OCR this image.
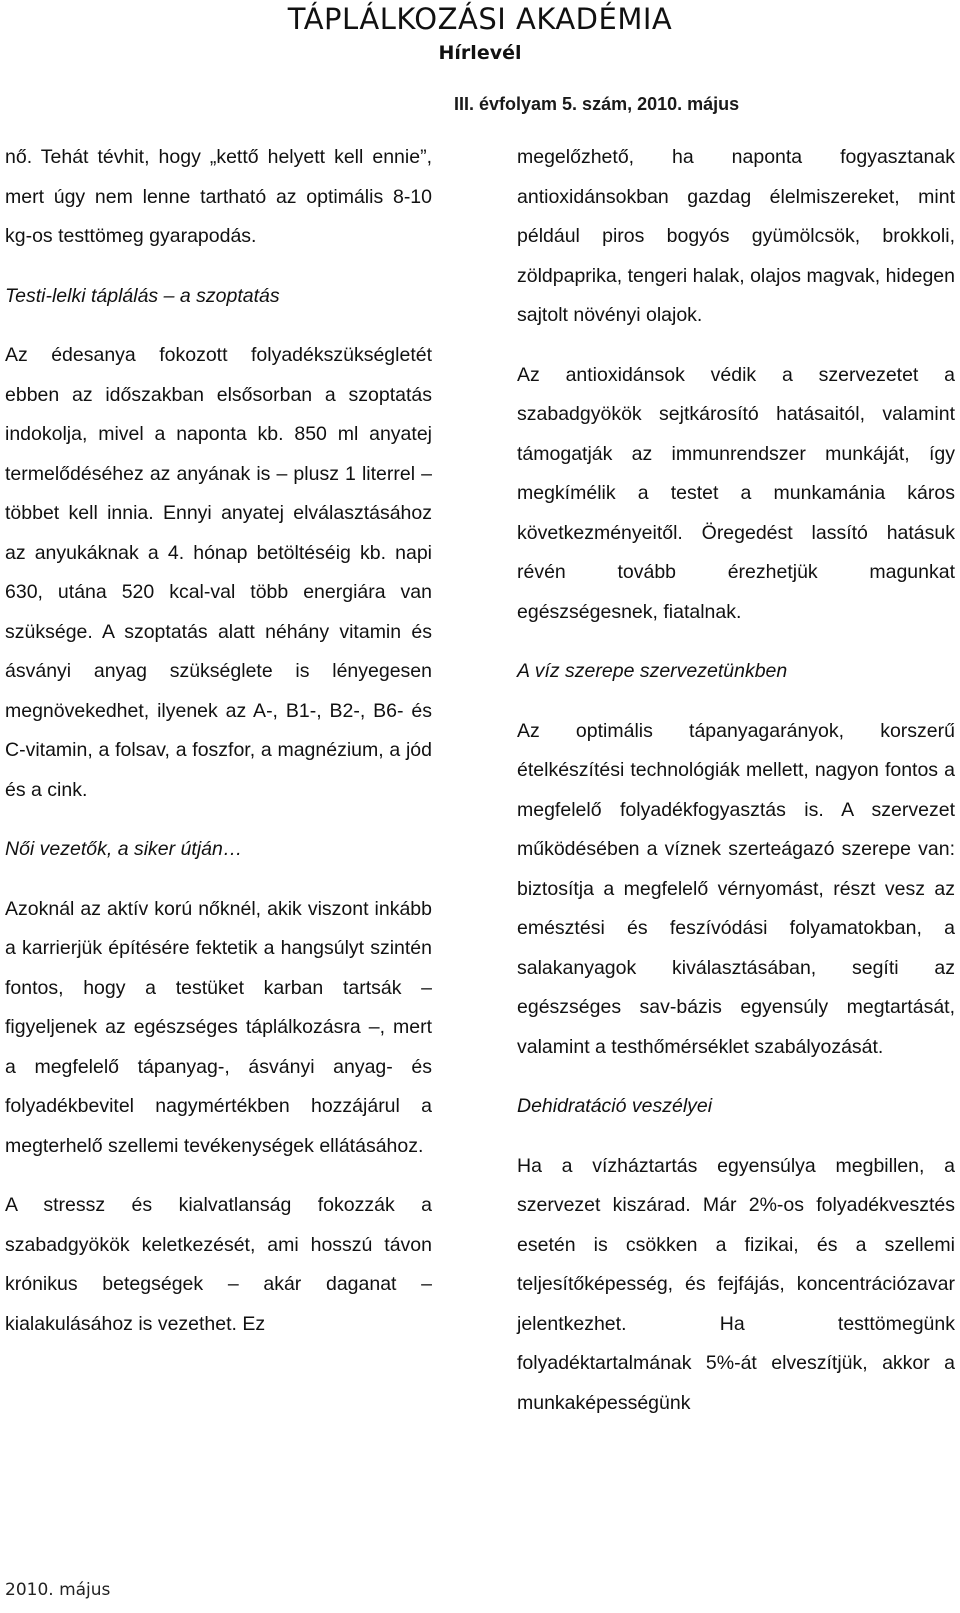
TÁPLÁLKOZÁSI AKADÉMIA
Hírlevél
III. évfolyam 5. szám, 2010. május

nő. Tehát tévhit, hogy „kettő helyett kell ennie”, mert úgy nem lenne tartható az optimális 8-10 kg-os testtömeg gyarapodás.

Testi-lelki táplálás – a szoptatás

Az édesanya fokozott folyadékszükségletét ebben az időszakban elsősorban a szoptatás indokolja, mivel a naponta kb. 850 ml anyatej termelődéséhez az anyának is – plusz 1 literrel – többet kell innia. Ennyi anyatej elválasztásához az anyukáknak a 4. hónap betöltéséig kb. napi 630, utána 520 kcal-val több energiára van szüksége. A szoptatás alatt néhány vitamin és ásványi anyag szükséglete is lényegesen megnövekedhet, ilyenek az A-, B1-, B2-, B6- és C-vitamin, a folsav, a foszfor, a magnézium, a jód és a cink.

Női vezetők, a siker útján…

Azoknál az aktív korú nőknél, akik viszont inkább a karrierjük építésére fektetik a hangsúlyt szintén fontos, hogy a testüket karban tartsák – figyeljenek az egészséges táplálkozásra –, mert a megfelelő tápanyag-, ásványi anyag- és folyadékbevitel nagymértékben hozzájárul a megterhelő szellemi tevékenységek ellátásához.

A stressz és kialvatlanság fokozzák a szabadgyökök keletkezését, ami hosszú távon krónikus betegségek – akár daganat – kialakulásához is vezethet. Ez

megelőzhető, ha naponta fogyasztanak antioxidánsokban gazdag élelmiszereket, mint például piros bogyós gyümölcsök, brokkoli, zöldpaprika, tengeri halak, olajos magvak, hidegen sajtolt növényi olajok.

Az antioxidánsok védik a szervezetet a szabadgyökök sejtkárosító hatásaitól, valamint támogatják az immunrendszer munkáját, így megkímélik a testet a munkamánia káros következményeitől. Öregedést lassító hatásuk révén tovább érezhetjük magunkat egészségesnek, fiatalnak.

A víz szerepe szervezetünkben

Az optimális tápanyagarányok, korszerű ételkészítési technológiák mellett, nagyon fontos a megfelelő folyadékfogyasztás is. A szervezet működésében a víznek szerteágazó szerepe van: biztosítja a megfelelő vérnyomást, részt vesz az emésztési és feszívódási folyamatokban, a salakanyagok kiválasztásában, segíti az egészséges sav-bázis egyensúly megtartását, valamint a testhőmérséklet szabályozását.

Dehidratáció veszélyei

Ha a vízháztartás egyensúlya megbillen, a szervezet kiszárad. Már 2%-os folyadékvesztés esetén is csökken a fizikai, és a szellemi teljesítőképesség, és fejfájás, koncentrációzavar jelentkezhet. Ha testtömegünk folyadéktartalmának 5%-át elveszítjük, akkor a munkaképességünk

2010. május
